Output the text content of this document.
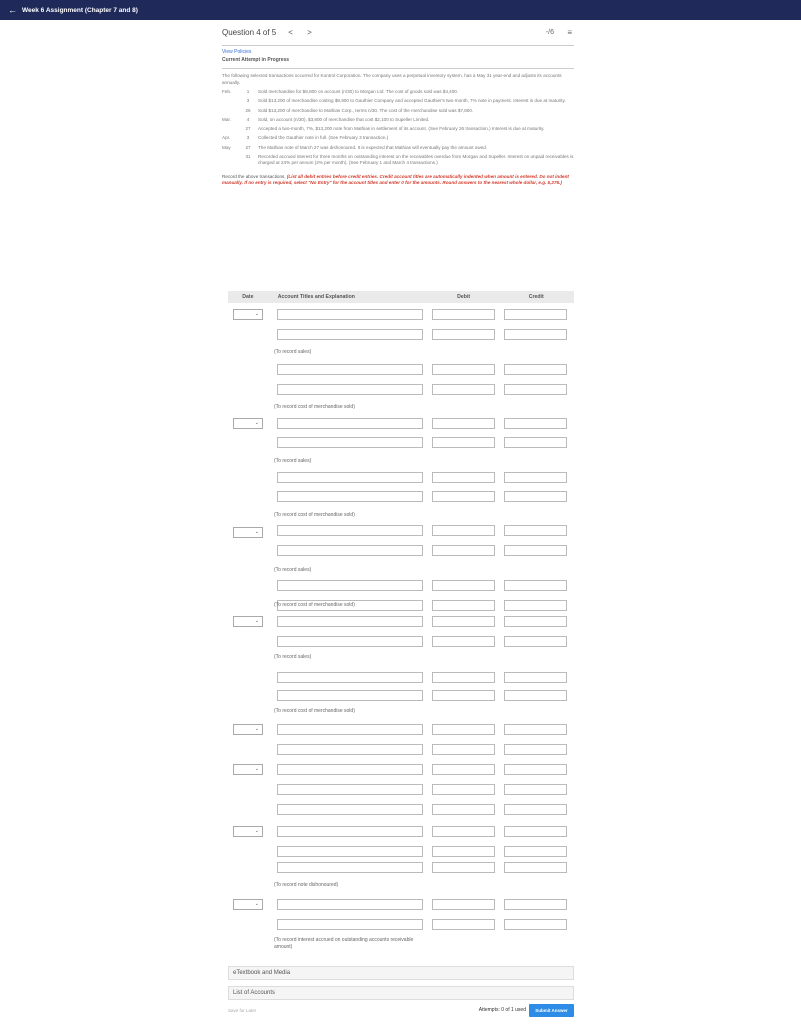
← Week 6 Assignment (Chapter 7 and 8)
Question 4 of 5 < >	-/6 ≡
View Policies
Current Attempt in Progress
The following selected transactions occurred for Kontrol Corporation. The company uses a perpetual inventory system, has a May 31 year-end and adjusts its accounts annually.
Feb.	1	Sold merchandise for $8,800 on account (n/30) to Morgan Ltd. The cost of goods sold was $4,400.
3	Sold $13,200 of merchandise costing $8,900 to Gauthier Company and accepted Gauthier's two-month, 7% note in payment. Interest is due at maturity.
26	Sold $13,200 of merchandise to Mathias Corp., terms n/30. The cost of the merchandise sold was $7,800.
Mar.	4	Sold, on account (n/30), $3,800 of merchandise that cost $2,100 to Supeller Limited.
27	Accepted a two-month, 7%, $13,200 note from Mathias in settlement of its account. (See February 26 transaction.) Interest is due at maturity.
Apr.	3	Collected the Gauthier note in full. (See February 3 transaction.)
May	27	The Mathias note of March 27 was dishonoured. It is expected that Mathias will eventually pay the amount owed.
31	Recorded accrued interest for three months on outstanding interest on the receivables overdue from Morgan and Supeller. Interest on unpaid receivables is charged at 24% per annum (2% per month). (See February 1 and March 4 transactions.)
Record the above transactions. (List all debit entries before credit entries. Credit account titles are automatically indented when amount is entered. Do not indent manually. If no entry is required, select "No Entry" for the account titles and enter 0 for the amounts. Round answers to the nearest whole dollar, e.g. 5,275.)
Date	Account Titles and Explanation	Debit	Credit
⌄
(To record sales)
(To record cost of merchandise sold)
⌄
(To record sales)
(To record cost of merchandise sold)
⌄
(To record sales)
⌄
(To record cost of merchandise sold)
(To record sales)
(To record cost of merchandise sold)
⌄
⌄
⌄
(To record note dishonoured)
⌄
(To record interest accrued on outstanding accounts receivable amount)
eTextbook and Media
List of Accounts
Save for Later	Attempts: 0 of 1 used	Submit Answer
